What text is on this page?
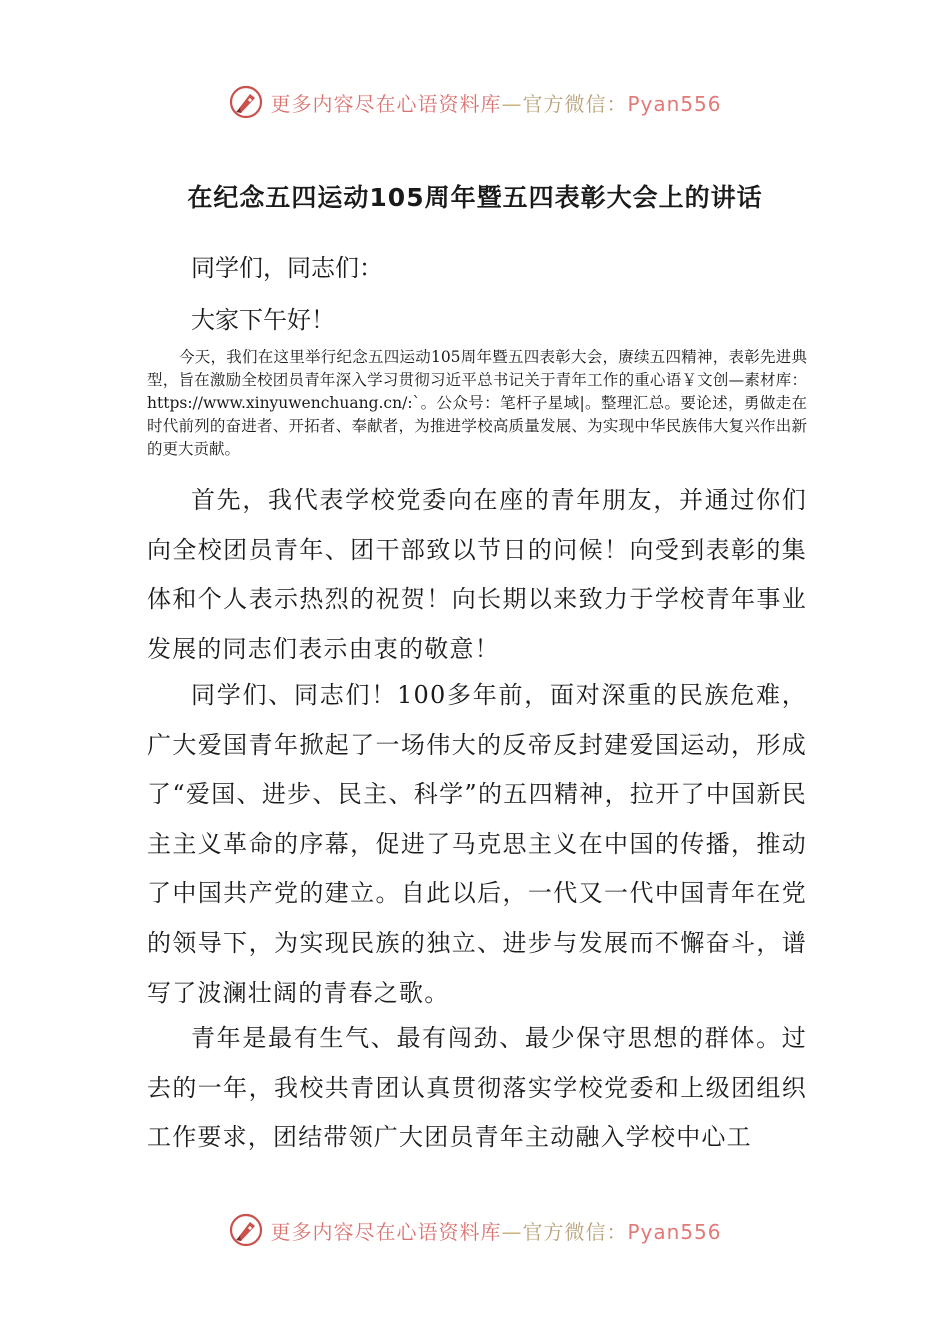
更多内容尽在心语资料库—官方微信：Pyan556
在纪念五四运动105周年暨五四表彰大会上的讲话

同学们，同志们：

大家下午好！

今天，我们在这里举行纪念五四运动105周年暨五四表彰大会，赓续五四精神，表彰先进典型，旨在激励全校团员青年深入学习贯彻习近平总书记关于青年工作的重心语￥文创—素材库：https://www.xinyuwenchuang.cn/:`。公众号：笔杆子星域|。整理汇总。要论述，勇做走在时代前列的奋进者、开拓者、奉献者，为推进学校高质量发展、为实现中华民族伟大复兴作出新的更大贡献。

首先，我代表学校党委向在座的青年朋友，并通过你们向全校团员青年、团干部致以节日的问候！向受到表彰的集体和个人表示热烈的祝贺！向长期以来致力于学校青年事业发展的同志们表示由衷的敬意！

同学们、同志们！100多年前，面对深重的民族危难，广大爱国青年掀起了一场伟大的反帝反封建爱国运动，形成了“爱国、进步、民主、科学”的五四精神，拉开了中国新民主主义革命的序幕，促进了马克思主义在中国的传播，推动了中国共产党的建立。自此以后，一代又一代中国青年在党的领导下，为实现民族的独立、进步与发展而不懈奋斗，谱写了波澜壮阔的青春之歌。

青年是最有生气、最有闯劲、最少保守思想的群体。过去的一年，我校共青团认真贯彻落实学校党委和上级团组织工作要求，团结带领广大团员青年主动融入学校中心工

更多内容尽在心语资料库—官方微信：Pyan556
